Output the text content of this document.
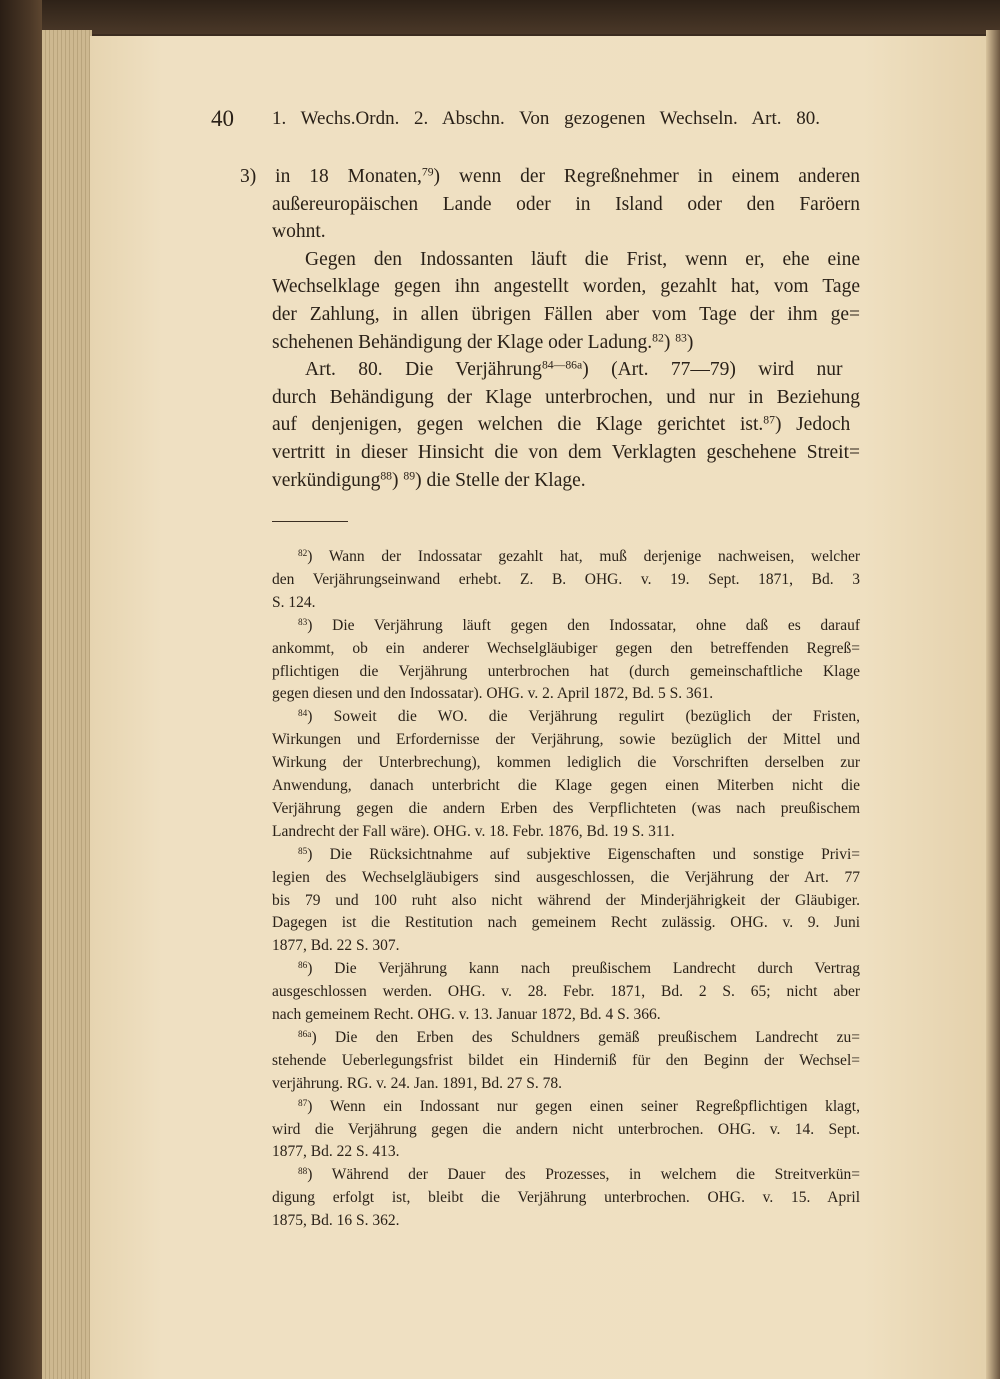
40 1. Wechs.Ordn. 2. Abschn. Von gezogenen Wechseln. Art. 80.
3) in 18 Monaten,$^{79}$) wenn der Regreßnehmer in einem anderen
außereuropäischen Lande oder in Island oder den Faröern
wohnt.
Gegen den Indossanten läuft die Frist, wenn er, ehe eine
Wechselklage gegen ihn angestellt worden, gezahlt hat, vom Tage
der Zahlung, in allen übrigen Fällen aber vom Tage der ihm ge=
schehenen Behändigung der Klage oder Ladung.$^{82}$) $^{83}$)
Art. 80. Die Verjährung$^{84—86a}$) (Art. 77—79) wird nur
durch Behändigung der Klage unterbrochen, und nur in Beziehung
auf denjenigen, gegen welchen die Klage gerichtet ist.$^{87}$) Jedoch
vertritt in dieser Hinsicht die von dem Verklagten geschehene Streit=
verkündigung$^{88}$) $^{89}$) die Stelle der Klage.
$^{82}$) Wann der Indossatar gezahlt hat, muß derjenige nachweisen, welcher
den Verjährungseinwand erhebt. Z. B. OHG. v. 19. Sept. 1871, Bd. 3
S. 124.
$^{83}$) Die Verjährung läuft gegen den Indossatar, ohne daß es darauf
ankommt, ob ein anderer Wechselgläubiger gegen den betreffenden Regreß=
pflichtigen die Verjährung unterbrochen hat (durch gemeinschaftliche Klage
gegen diesen und den Indossatar). OHG. v. 2. April 1872, Bd. 5 S. 361.
$^{84}$) Soweit die WO. die Verjährung regulirt (bezüglich der Fristen,
Wirkungen und Erfordernisse der Verjährung, sowie bezüglich der Mittel und
Wirkung der Unterbrechung), kommen lediglich die Vorschriften derselben zur
Anwendung, danach unterbricht die Klage gegen einen Miterben nicht die
Verjährung gegen die andern Erben des Verpflichteten (was nach preußischem
Landrecht der Fall wäre). OHG. v. 18. Febr. 1876, Bd. 19 S. 311.
$^{85}$) Die Rücksichtnahme auf subjektive Eigenschaften und sonstige Privi=
legien des Wechselgläubigers sind ausgeschlossen, die Verjährung der Art. 77
bis 79 und 100 ruht also nicht während der Minderjährigkeit der Gläubiger.
Dagegen ist die Restitution nach gemeinem Recht zulässig. OHG. v. 9. Juni
1877, Bd. 22 S. 307.
$^{86}$) Die Verjährung kann nach preußischem Landrecht durch Vertrag
ausgeschlossen werden. OHG. v. 28. Febr. 1871, Bd. 2 S. 65; nicht aber
nach gemeinem Recht. OHG. v. 13. Januar 1872, Bd. 4 S. 366.
$^{86a}$) Die den Erben des Schuldners gemäß preußischem Landrecht zu=
stehende Ueberlegungsfrist bildet ein Hinderniß für den Beginn der Wechsel=
verjährung. RG. v. 24. Jan. 1891, Bd. 27 S. 78.
$^{87}$) Wenn ein Indossant nur gegen einen seiner Regreßpflichtigen klagt,
wird die Verjährung gegen die andern nicht unterbrochen. OHG. v. 14. Sept.
1877, Bd. 22 S. 413.
$^{88}$) Während der Dauer des Prozesses, in welchem die Streitverkün=
digung erfolgt ist, bleibt die Verjährung unterbrochen. OHG. v. 15. April
1875, Bd. 16 S. 362.
